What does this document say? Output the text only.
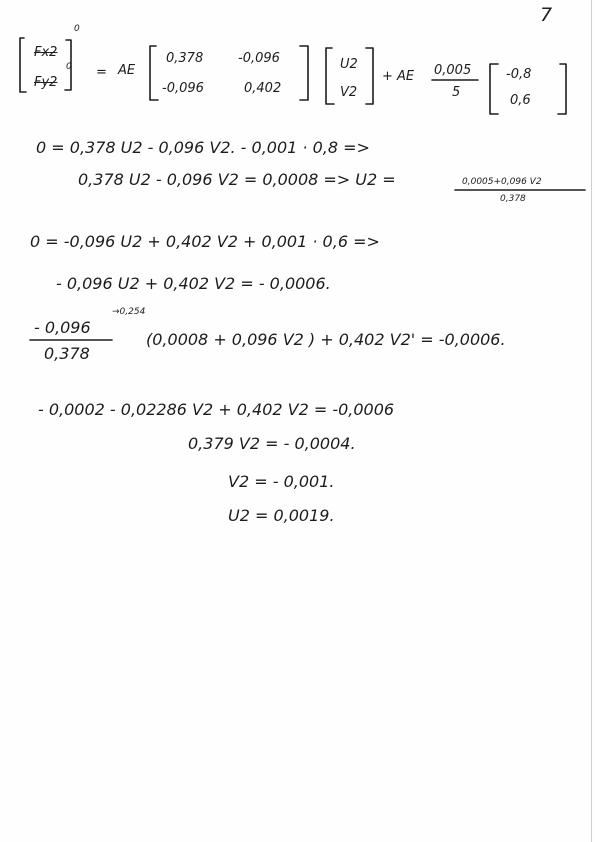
7
0
Fx2
0
Fy2
= AE
0,378	-0,096
-0,096	0,402
U2
V2
+ AE 0,005
5
-0,8
0,6
0 = 0,378 U2 - 0,096 V2. - 0,001 · 0,8 =>
0,378 U2 - 0,096 V2 = 0,0008 => U2 =	0,0005+0,096 V2
0,378
0 = -0,096 U2 + 0,402 V2 + 0,001 · 0,6 =>
- 0,096 U2 + 0,402 V2 = - 0,0006.
→0,254
- 0,096
0,378
(0,0008 + 0,096 V2 ) + 0,402 V2' = -0,0006.
- 0,0002 - 0,02286 V2 + 0,402 V2 = -0,0006
0,379 V2 = - 0,0004.
V2 = - 0,001.
U2 = 0,0019.
